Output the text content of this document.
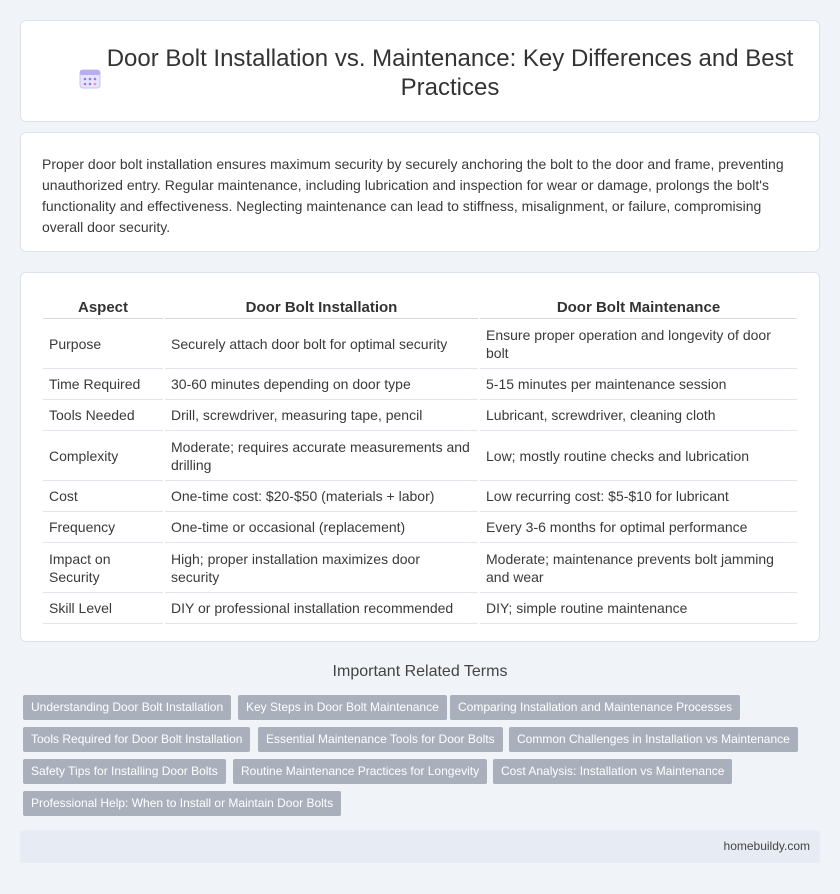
Door Bolt Installation vs. Maintenance: Key Differences and Best Practices

Proper door bolt installation ensures maximum security by securely anchoring the bolt to the door and frame, preventing unauthorized entry. Regular maintenance, including lubrication and inspection for wear or damage, prolongs the bolt's functionality and effectiveness. Neglecting maintenance can lead to stiffness, misalignment, or failure, compromising overall door security.

Aspect	Door Bolt Installation	Door Bolt Maintenance
Purpose	Securely attach door bolt for optimal security	Ensure proper operation and longevity of door bolt
Time Required	30-60 minutes depending on door type	5-15 minutes per maintenance session
Tools Needed	Drill, screwdriver, measuring tape, pencil	Lubricant, screwdriver, cleaning cloth
Complexity	Moderate; requires accurate measurements and drilling	Low; mostly routine checks and lubrication
Cost	One-time cost: $20-$50 (materials + labor)	Low recurring cost: $5-$10 for lubricant
Frequency	One-time or occasional (replacement)	Every 3-6 months for optimal performance
Impact on Security	High; proper installation maximizes door security	Moderate; maintenance prevents bolt jamming and wear
Skill Level	DIY or professional installation recommended	DIY; simple routine maintenance
Important Related Terms
Understanding Door Bolt Installation	Key Steps in Door Bolt Maintenance	Comparing Installation and Maintenance Processes
Tools Required for Door Bolt Installation	Essential Maintenance Tools for Door Bolts	Common Challenges in Installation vs Maintenance
Safety Tips for Installing Door Bolts	Routine Maintenance Practices for Longevity	Cost Analysis: Installation vs Maintenance
Professional Help: When to Install or Maintain Door Bolts
homebuildy.com
